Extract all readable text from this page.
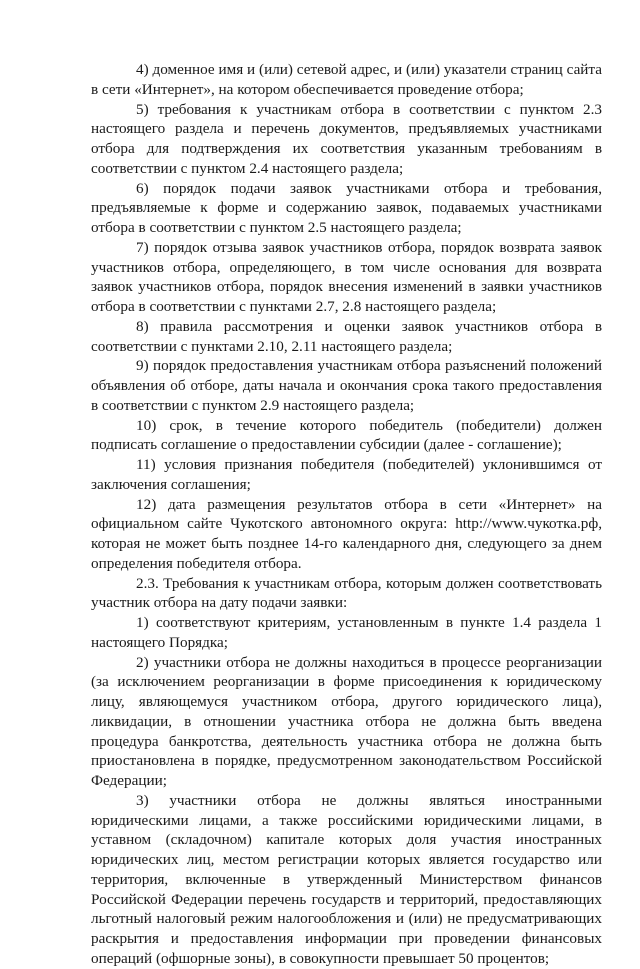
4) доменное имя и (или) сетевой адрес, и (или) указатели страниц сайта в сети «Интернет», на котором обеспечивается проведение отбора;

5) требования к участникам отбора в соответствии с пунктом 2.3 настоящего раздела и перечень документов, предъявляемых участниками отбора для подтверждения их соответствия указанным требованиям в соответствии с пунктом 2.4 настоящего раздела;

6) порядок подачи заявок участниками отбора и требования, предъявляемые к форме и содержанию заявок, подаваемых участниками отбора в соответствии с пунктом 2.5 настоящего раздела;

7) порядок отзыва заявок участников отбора, порядок возврата заявок участников отбора, определяющего, в том числе основания для возврата заявок участников отбора, порядок внесения изменений в заявки участников отбора в соответствии с пунктами 2.7, 2.8 настоящего раздела;

8) правила рассмотрения и оценки заявок участников отбора в соответствии с пунктами 2.10, 2.11 настоящего раздела;

9) порядок предоставления участникам отбора разъяснений положений объявления об отборе, даты начала и окончания срока такого предоставления в соответствии с пунктом 2.9 настоящего раздела;

10) срок, в течение которого победитель (победители) должен подписать соглашение о предоставлении субсидии (далее - соглашение);

11) условия признания победителя (победителей) уклонившимся от заключения соглашения;

12) дата размещения результатов отбора в сети «Интернет» на официальном сайте Чукотского автономного округа: http://www.чукотка.рф, которая не может быть позднее 14-го календарного дня, следующего за днем определения победителя отбора.

2.3. Требования к участникам отбора, которым должен соответствовать участник отбора на дату подачи заявки:

1) соответствуют критериям, установленным в пункте 1.4 раздела 1 настоящего Порядка;

2) участники отбора не должны находиться в процессе реорганизации (за исключением реорганизации в форме присоединения к юридическому лицу, являющемуся участником отбора, другого юридического лица), ликвидации, в отношении участника отбора не должна быть введена процедура банкротства, деятельность участника отбора не должна быть приостановлена в порядке, предусмотренном законодательством Российской Федерации;

3) участники отбора не должны являться иностранными юридическими лицами, а также российскими юридическими лицами, в уставном (складочном) капитале которых доля участия иностранных юридических лиц, местом регистрации которых является государство или территория, включенные в утвержденный Министерством финансов Российской Федерации перечень государств и территорий, предоставляющих льготный налоговый режим налогообложения и (или) не предусматривающих раскрытия и предоставления информации при проведении финансовых операций (офшорные зоны), в совокупности превышает 50 процентов;
